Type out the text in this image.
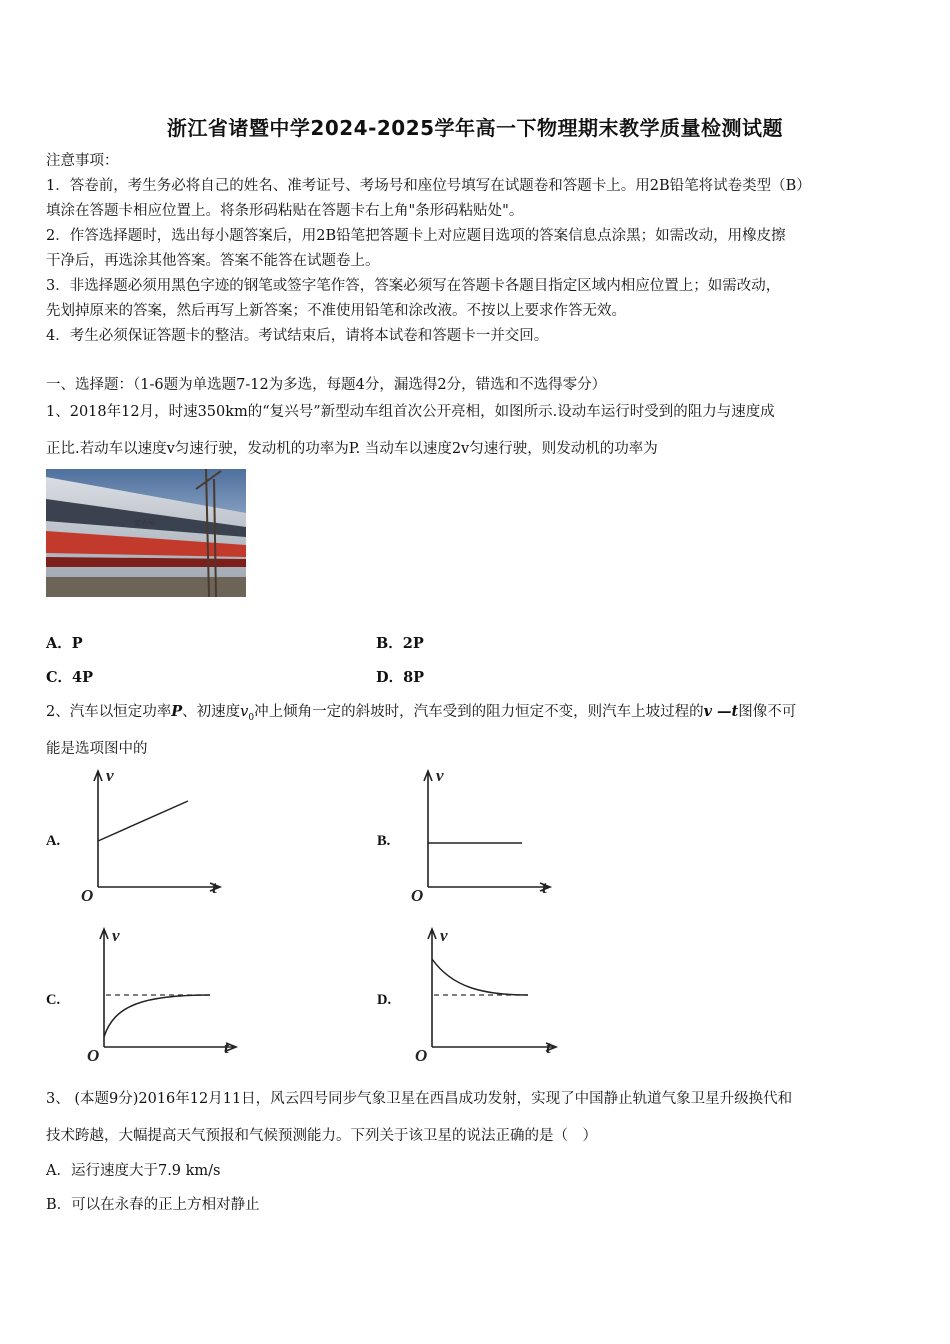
浙江省诸暨中学2024-2025学年高一下物理期末教学质量检测试题
注意事项：
1．答卷前，考生务必将自己的姓名、准考证号、考场号和座位号填写在试题卷和答题卡上。用2B铅笔将试卷类型（B）
填涂在答题卡相应位置上。将条形码粘贴在答题卡右上角"条形码粘贴处"。
2．作答选择题时，选出每小题答案后，用2B铅笔把答题卡上对应题目选项的答案信息点涂黑；如需改动，用橡皮擦
干净后，再选涂其他答案。答案不能答在试题卷上。
3．非选择题必须用黑色字迹的钢笔或签字笔作答，答案必须写在答题卡各题目指定区域内相应位置上；如需改动，
先划掉原来的答案，然后再写上新答案；不准使用铅笔和涂改液。不按以上要求作答无效。
4．考生必须保证答题卡的整洁。考试结束后，请将本试卷和答题卡一并交回。
一、选择题：（1-6题为单选题7-12为多选，每题4分，漏选得2分，错选和不选得零分）
1、2018年12月，时速350km的“复兴号”新型动车组首次公开亮相，如图所示.设动车运行时受到的阻力与速度成
正比.若动车以速度v匀速行驶，发动机的功率为P. 当动车以速度2v匀速行驶，则发动机的功率为
复兴号
A．P	B．2P
C．4P	D．8P
2、汽车以恒定功率P、初速度$v_0$冲上倾角一定的斜坡时，汽车受到的阻力恒定不变，则汽车上坡过程的v —t图像不可
能是选项图中的
A.	B.
C.	D.
v
t
O
v
t
O
v
t
O
v
t
O
3、 (本题9分)2016年12月11日，风云四号同步气象卫星在西昌成功发射，实现了中国静止轨道气象卫星升级换代和
技术跨越，大幅提高天气预报和气候预测能力。下列关于该卫星的说法正确的是（　）
A．运行速度大于7.9 km/s
B．可以在永春的正上方相对静止
